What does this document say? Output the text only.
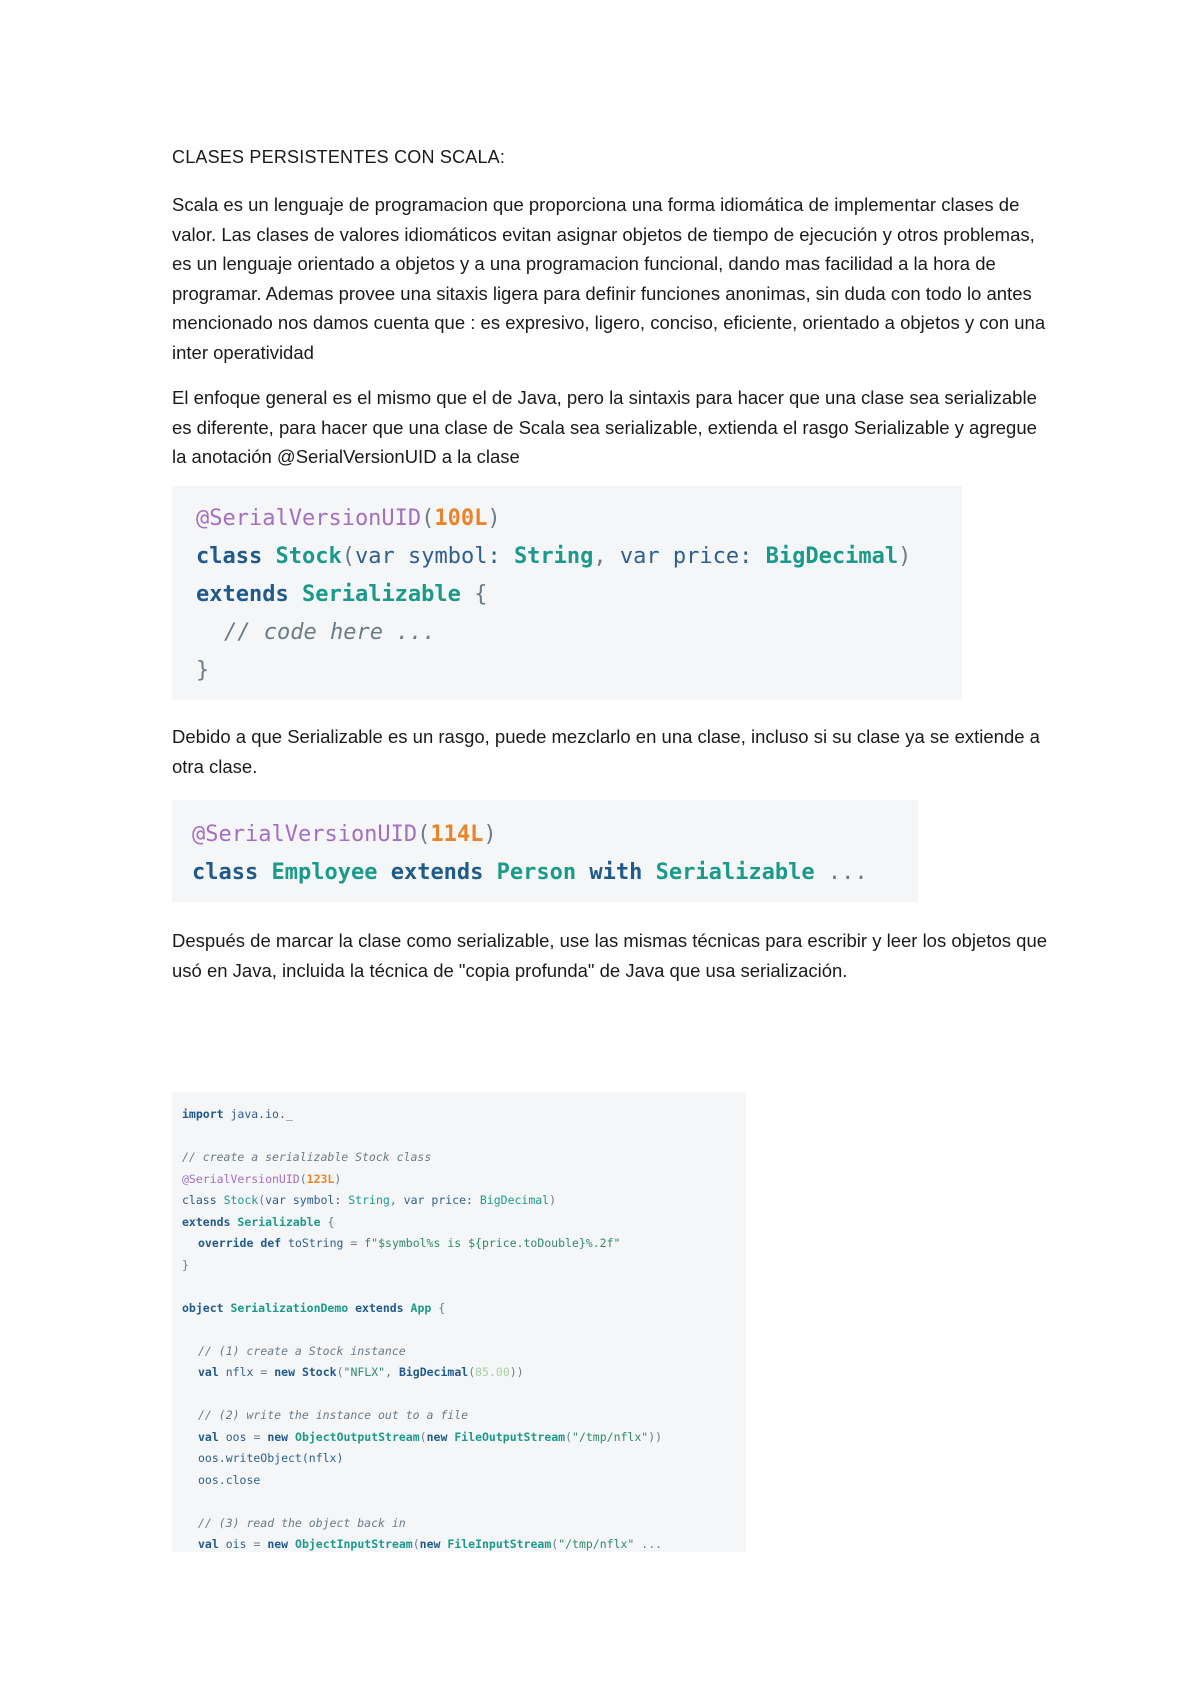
CLASES PERSISTENTES CON SCALA:

Scala es un lenguaje de programacion que proporciona una forma idiomática de implementar clases de valor. Las clases de valores idiomáticos evitan asignar objetos de tiempo de ejecución y otros problemas, es un lenguaje orientado a objetos y a una programacion funcional, dando mas facilidad a la hora de programar. Ademas provee una sitaxis ligera para definir funciones anonimas, sin duda con todo lo antes mencionado nos damos cuenta que : es expresivo, ligero, conciso, eficiente, orientado a objetos y con una inter operatividad

El enfoque general es el mismo que el de Java, pero la sintaxis para hacer que una clase sea serializable es diferente, para hacer que una clase de Scala sea serializable, extienda el rasgo Serializable y agregue la anotación @SerialVersionUID a la clase

@SerialVersionUID(100L)
class Stock(var symbol: String, var price: BigDecimal)
extends Serializable {
// code here ...
}

Debido a que Serializable es un rasgo, puede mezclarlo en una clase, incluso si su clase ya se extiende a otra clase.

@SerialVersionUID(114L)
class Employee extends Person with Serializable ...

Después de marcar la clase como serializable, use las mismas técnicas para escribir y leer los objetos que usó en Java, incluida la técnica de "copia profunda" de Java que usa serialización.

import java.io._
// create a serializable Stock class
@SerialVersionUID(123L)
class Stock(var symbol: String, var price: BigDecimal)
extends Serializable {
override def toString = f"$symbol%s is ${price.toDouble}%.2f"
}
object SerializationDemo extends App {
// (1) create a Stock instance
val nflx = new Stock("NFLX", BigDecimal(85.00))
// (2) write the instance out to a file
val oos = new ObjectOutputStream(new FileOutputStream("/tmp/nflx"))
oos.writeObject(nflx)
oos.close
// (3) read the object back in
val ois = new ObjectInputStream(new FileInputStream("/tmp/nflx" ...
